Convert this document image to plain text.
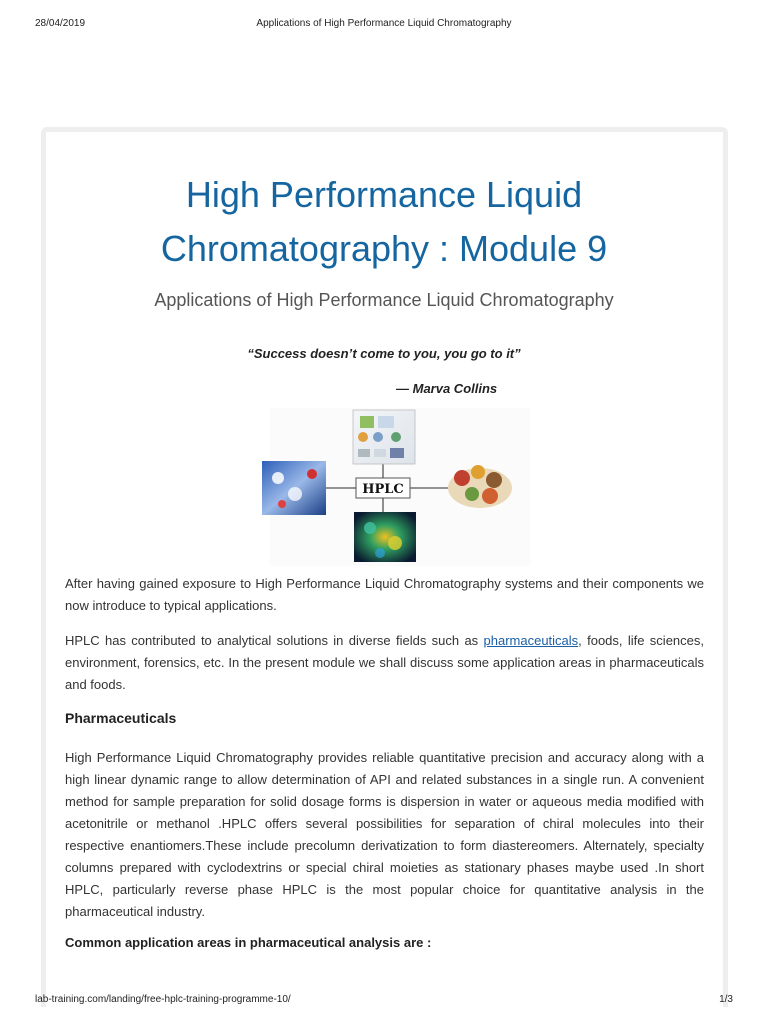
28/04/2019	Applications of High Performance Liquid Chromatography
High Performance Liquid
Chromatography : Module 9

Applications of High Performance Liquid Chromatography

“Success doesn’t come to you, you go to it”
— Marva Collins
HPLC

After having gained exposure to High Performance Liquid Chromatography systems and their components we now introduce to typical applications.

HPLC has contributed to analytical solutions in diverse fields such as pharmaceuticals, foods, life sciences, environment, forensics, etc. In the present module we shall discuss some application areas in pharmaceuticals and foods.

Pharmaceuticals

High Performance Liquid Chromatography provides reliable quantitative precision and accuracy along with a high linear dynamic range to allow determination of API and related substances in a single run. A convenient method for sample preparation for solid dosage forms is dispersion in water or aqueous media modified with acetonitrile or methanol .HPLC offers several possibilities for separation of chiral molecules into their respective enantiomers.These include precolumn derivatization to form diastereomers. Alternately, specialty columns prepared with cyclodextrins or special chiral moieties as stationary phases maybe used .In short HPLC, particularly reverse phase HPLC is the most popular choice for quantitative analysis in the pharmaceutical industry.

Common application areas in pharmaceutical analysis are :
lab-training.com/landing/free-hplc-training-programme-10/	1/3
